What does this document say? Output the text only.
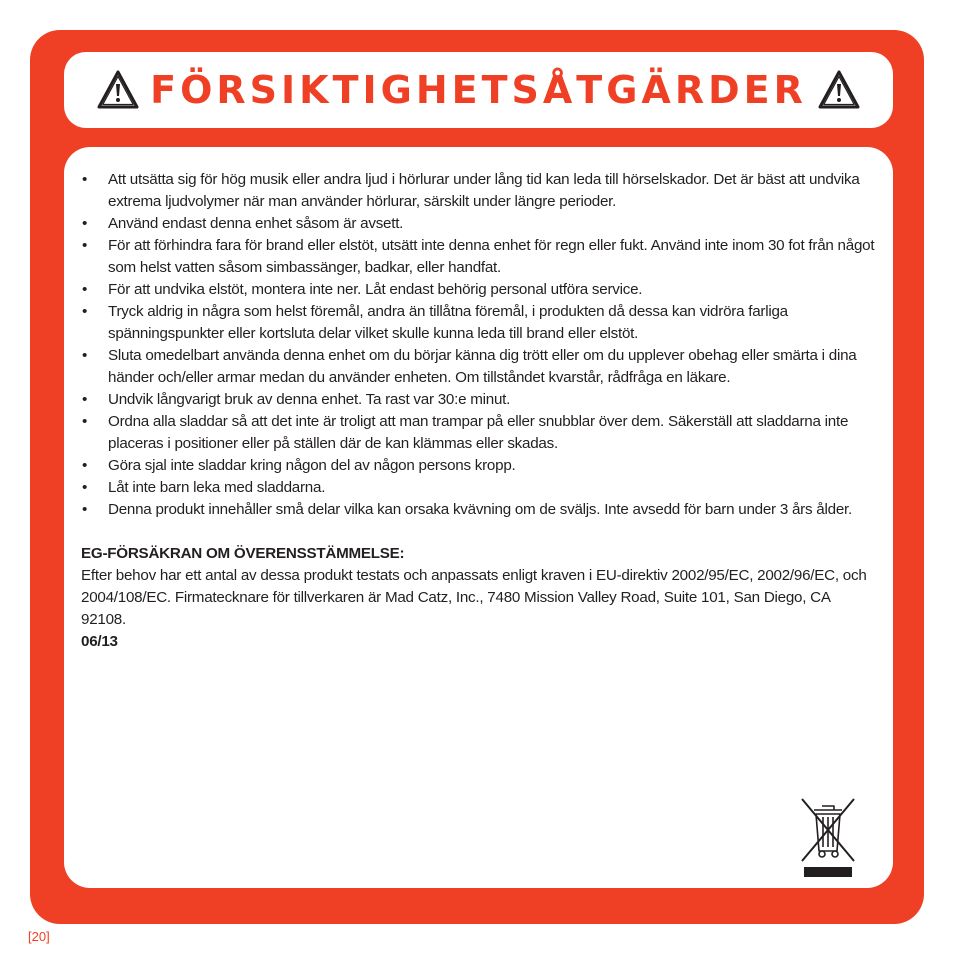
FÖRSIKTIGHETSÅTGÄRDER
• Att utsätta sig för hög musik eller andra ljud i hörlurar under lång tid kan leda till hörselskador. Det är bäst att undvika extrema ljudvolymer när man använder hörlurar, särskilt under längre perioder.
• Använd endast denna enhet såsom är avsett.
• För att förhindra fara för brand eller elstöt, utsätt inte denna enhet för regn eller fukt. Använd inte inom 30 fot från något som helst vatten såsom simbassänger, badkar, eller handfat.
• För att undvika elstöt, montera inte ner. Låt endast behörig personal utföra service.
• Tryck aldrig in några som helst föremål, andra än tillåtna föremål, i produkten då dessa kan vidröra farliga spänningspunkter eller kortsluta delar vilket skulle kunna leda till brand eller elstöt.
• Sluta omedelbart använda denna enhet om du börjar känna dig trött eller om du upplever obehag eller smärta i dina händer och/eller armar medan du använder enheten. Om tillståndet kvarstår, rådfråga en läkare.
• Undvik långvarigt bruk av denna enhet. Ta rast var 30:e minut.
• Ordna alla sladdar så att det inte är troligt att man trampar på eller snubblar över dem. Säkerställ att sladdarna inte placeras i positioner eller på ställen där de kan klämmas eller skadas.
• Göra sjal inte sladdar kring någon del av någon persons kropp.
• Låt inte barn leka med sladdarna.
• Denna produkt innehåller små delar vilka kan orsaka kvävning om de sväljs. Inte avsedd för barn under 3 års ålder.
EG-FÖRSÄKRAN OM ÖVERENSSTÄMMELSE:
Efter behov har ett antal av dessa produkt testats och anpassats enligt kraven i EU-direktiv 2002/95/EC, 2002/96/EC, och 2004/108/EC. Firmatecknare för tillverkaren är Mad Catz, Inc., 7480 Mission Valley Road, Suite 101, San Diego, CA 92108.
06/13
[20]
